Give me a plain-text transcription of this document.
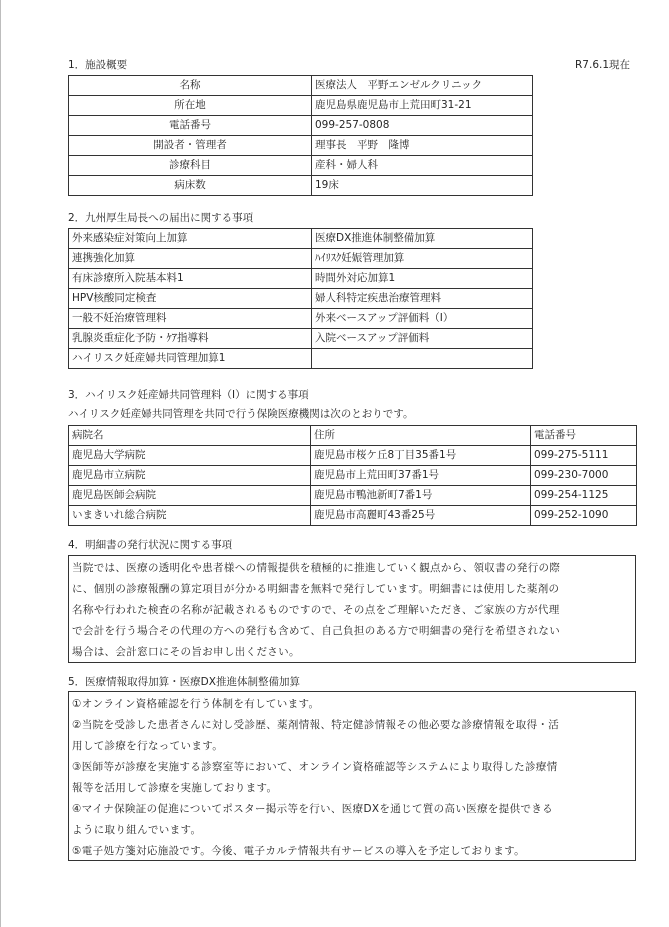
1．施設概要	R7.6.1現在
名称	医療法人　平野エンゼルクリニック
所在地	鹿児島県鹿児島市上荒田町31-21
電話番号	099-257-0808
開設者・管理者	理事長　平野　隆博
診療科目	産科・婦人科
病床数	19床
2．九州厚生局長への届出に関する事項
外来感染症対策向上加算	医療DX推進体制整備加算
連携強化加算	ﾊｲﾘｽｸ妊娠管理加算
有床診療所入院基本料1	時間外対応加算1
HPV核酸同定検査	婦人科特定疾患治療管理料
一般不妊治療管理料	外来ベースアップ評価料（Ⅰ）
乳腺炎重症化予防・ｹｱ指導料	入院ベースアップ評価料
ハイリスク妊産婦共同管理加算1	
3．ハイリスク妊産婦共同管理料（Ⅰ）に関する事項
ハイリスク妊産婦共同管理を共同で行う保険医療機関は次のとおりです。
病院名	住所	電話番号
鹿児島大学病院	鹿児島市桜ケ丘8丁目35番1号	099-275-5111
鹿児島市立病院	鹿児島市上荒田町37番1号	099-230-7000
鹿児島医師会病院	鹿児島市鴨池新町7番1号	099-254-1125
いまきいれ総合病院	鹿児島市高麗町43番25号	099-252-1090
4．明細書の発行状況に関する事項
当院では、医療の透明化や患者様への情報提供を積極的に推進していく観点から、領収書の発行の際
に、個別の診療報酬の算定項目が分かる明細書を無料で発行しています。明細書には使用した薬剤の
名称や行われた検査の名称が記載されるものですので、その点をご理解いただき、ご家族の方が代理
で会計を行う場合その代理の方への発行も含めて、自己負担のある方で明細書の発行を希望されない
場合は、会計窓口にその旨お申し出ください。
5．医療情報取得加算・医療DX推進体制整備加算
①オンライン資格確認を行う体制を有しています。
②当院を受診した患者さんに対し受診歴、薬剤情報、特定健診情報その他必要な診療情報を取得・活
用して診療を行なっています。
③医師等が診療を実施する診察室等において、オンライン資格確認等システムにより取得した診療情
報等を活用して診療を実施しております。
④マイナ保険証の促進についてポスター掲示等を行い、医療DXを通じて質の高い医療を提供できる
ように取り組んでいます。
⑤電子処方箋対応施設です。今後、電子カルテ情報共有サービスの導入を予定しております。
